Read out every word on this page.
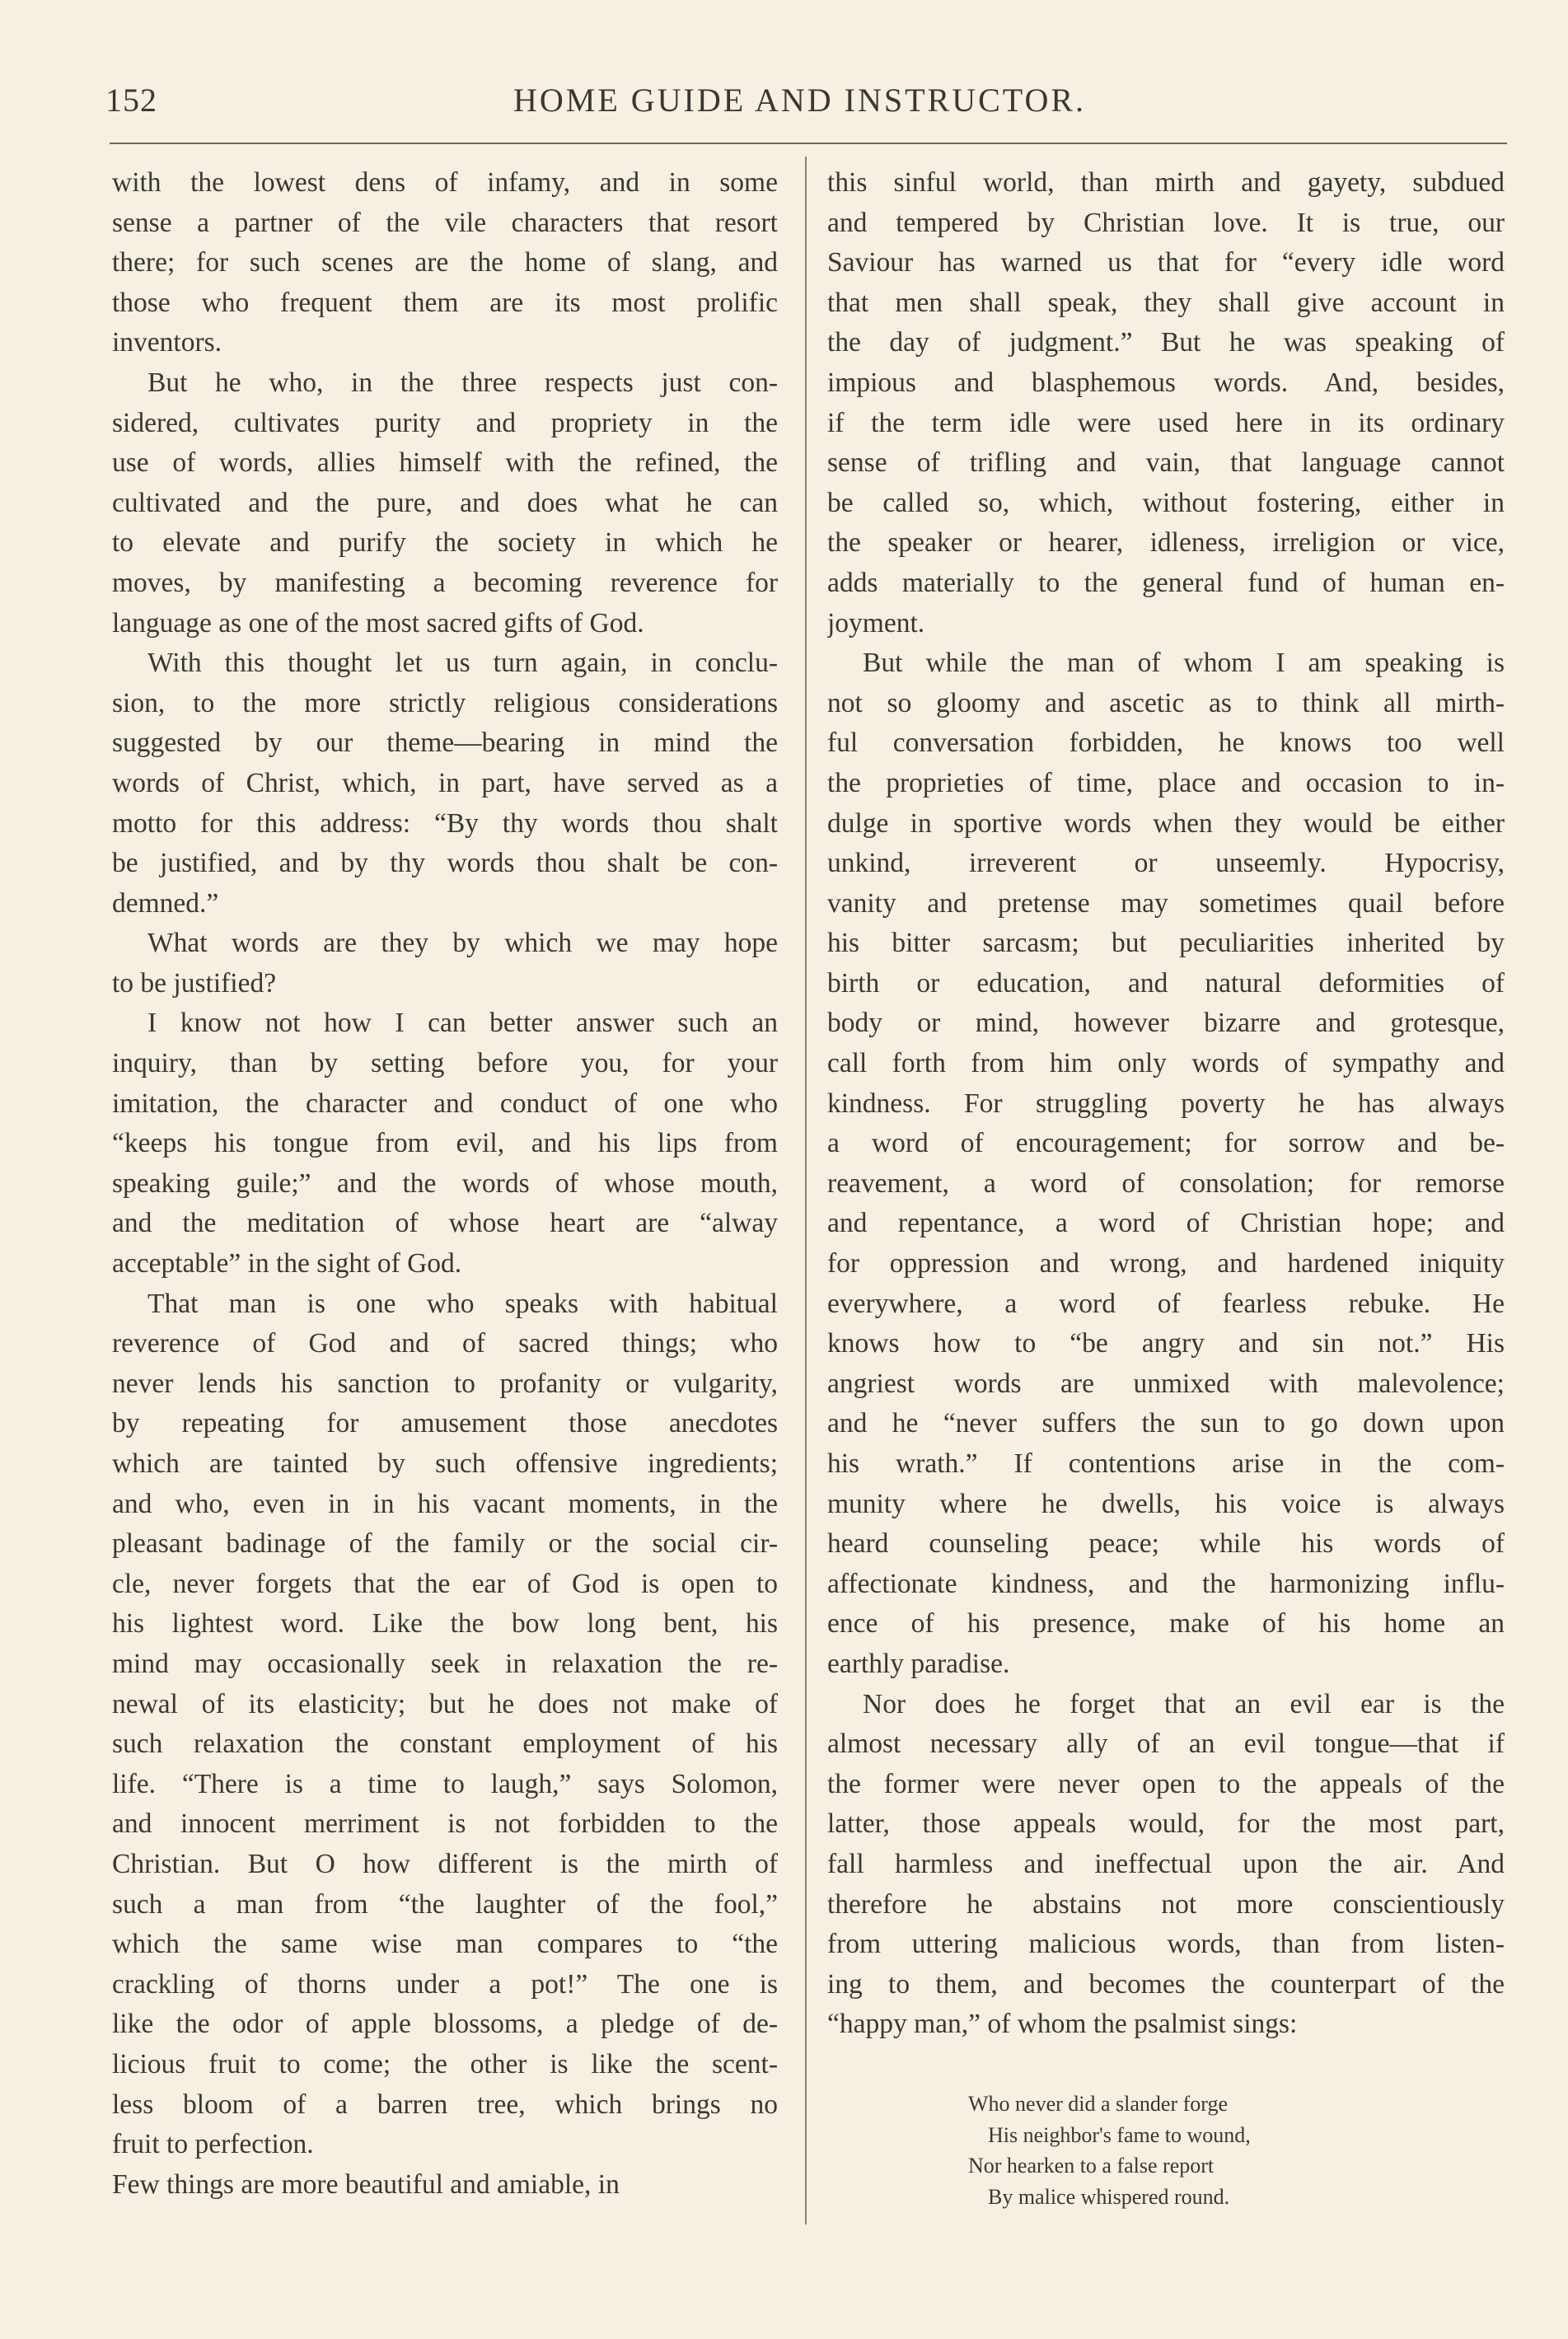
152	HOME GUIDE AND INSTRUCTOR.
with the lowest dens of infamy, and in some
sense a partner of the vile characters that resort
there; for such scenes are the home of slang, and
those who frequent them are its most prolific
inventors.
But he who, in the three respects just con-
sidered, cultivates purity and propriety in the
use of words, allies himself with the refined, the
cultivated and the pure, and does what he can
to elevate and purify the society in which he
moves, by manifesting a becoming reverence for
language as one of the most sacred gifts of God.
With this thought let us turn again, in conclu-
sion, to the more strictly religious considerations
suggested by our theme—bearing in mind the
words of Christ, which, in part, have served as a
motto for this address: “By thy words thou shalt
be justified, and by thy words thou shalt be con-
demned.”
What words are they by which we may hope
to be justified?
I know not how I can better answer such an
inquiry, than by setting before you, for your
imitation, the character and conduct of one who
“keeps his tongue from evil, and his lips from
speaking guile;” and the words of whose mouth,
and the meditation of whose heart are “alway
acceptable” in the sight of God.
That man is one who speaks with habitual
reverence of God and of sacred things; who
never lends his sanction to profanity or vulgarity,
by repeating for amusement those anecdotes
which are tainted by such offensive ingredients;
and who, even in in his vacant moments, in the
pleasant badinage of the family or the social cir-
cle, never forgets that the ear of God is open to
his lightest word. Like the bow long bent, his
mind may occasionally seek in relaxation the re-
newal of its elasticity; but he does not make of
such relaxation the constant employment of his
life. “There is a time to laugh,” says Solomon,
and innocent merriment is not forbidden to the
Christian. But O how different is the mirth of
such a man from “the laughter of the fool,”
which the same wise man compares to “the
crackling of thorns under a pot!” The one is
like the odor of apple blossoms, a pledge of de-
licious fruit to come; the other is like the scent-
less bloom of a barren tree, which brings no
fruit to perfection.
Few things are more beautiful and amiable, in
this sinful world, than mirth and gayety, subdued
and tempered by Christian love. It is true, our
Saviour has warned us that for “every idle word
that men shall speak, they shall give account in
the day of judgment.” But he was speaking of
impious and blasphemous words. And, besides,
if the term idle were used here in its ordinary
sense of trifling and vain, that language cannot
be called so, which, without fostering, either in
the speaker or hearer, idleness, irreligion or vice,
adds materially to the general fund of human en-
joyment.
But while the man of whom I am speaking is
not so gloomy and ascetic as to think all mirth-
ful conversation forbidden, he knows too well
the proprieties of time, place and occasion to in-
dulge in sportive words when they would be either
unkind, irreverent or unseemly. Hypocrisy,
vanity and pretense may sometimes quail before
his bitter sarcasm; but peculiarities inherited by
birth or education, and natural deformities of
body or mind, however bizarre and grotesque,
call forth from him only words of sympathy and
kindness. For struggling poverty he has always
a word of encouragement; for sorrow and be-
reavement, a word of consolation; for remorse
and repentance, a word of Christian hope; and
for oppression and wrong, and hardened iniquity
everywhere, a word of fearless rebuke. He
knows how to “be angry and sin not.” His
angriest words are unmixed with malevolence;
and he “never suffers the sun to go down upon
his wrath.” If contentions arise in the com-
munity where he dwells, his voice is always
heard counseling peace; while his words of
affectionate kindness, and the harmonizing influ-
ence of his presence, make of his home an
earthly paradise.
Nor does he forget that an evil ear is the
almost necessary ally of an evil tongue—that if
the former were never open to the appeals of the
latter, those appeals would, for the most part,
fall harmless and ineffectual upon the air. And
therefore he abstains not more conscientiously
from uttering malicious words, than from listen-
ing to them, and becomes the counterpart of the
“happy man,” of whom the psalmist sings:
Who never did a slander forge
His neighbor's fame to wound,
Nor hearken to a false report
By malice whispered round.
